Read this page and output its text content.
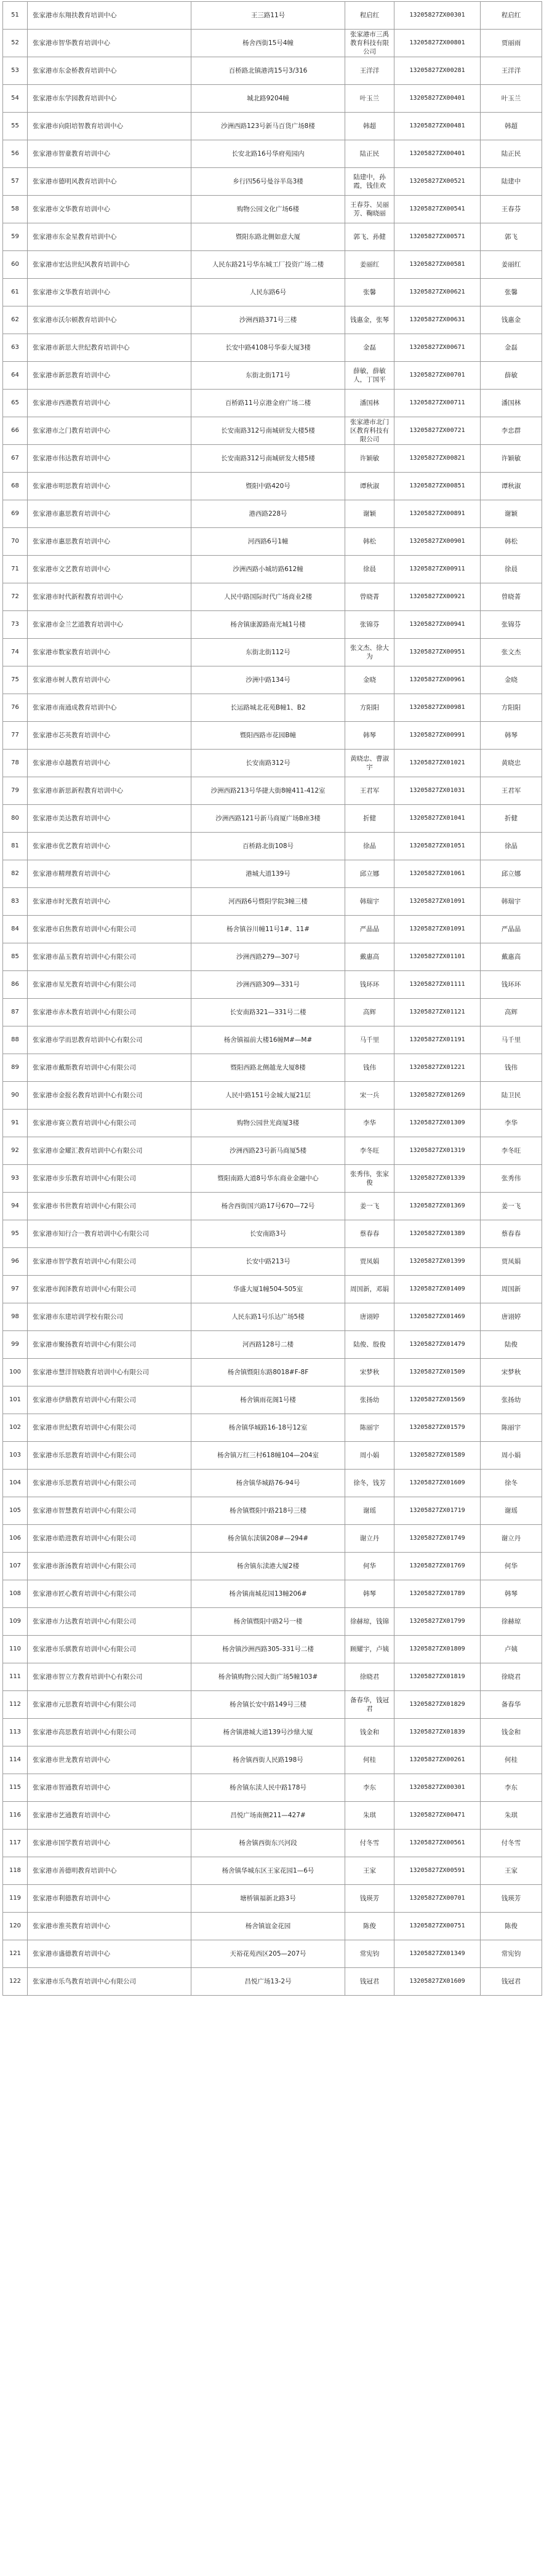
51	张家港市东翔扶教育培训中心	王三路11号	程启红	13205827ZX00301	程启红
52	张家港市智华教育培训中心	杨舍西街15号4幢	张家港市三禹教育科技有限公司	13205827ZX00801	贾丽雨
53	张家港市东金桥教育培训中心	百桥路北镇港湾15号3/316	王洋洋	13205827ZX00281	王洋洋
54	张家港市东学园教育培训中心	城北路9204幢	叶玉兰	13205827ZX00401	叶玉兰
55	张家港市向阳培智教育培训中心	沙洲西路123号新马百货广场8楼	韩超	13205827ZX00481	韩超
56	张家港市智童教育培训中心	长安北路16号华府苑园内	陆正民	13205827ZX00401	陆正民
57	张家港市德明风教育培训中心	乡行四56号曼谷半岛3楼	陆建中，孙霞，钱佳欢	13205827ZX00521	陆建中
58	张家港市文华教育培训中心	购物公园文化广场6楼	王春芬、吴丽芳、鞠晓丽	13205827ZX00541	王春芬
59	张家港市东金星教育培训中心	暨阳东路北侧如意大厦	郭飞、孙健	13205827ZX00571	郭飞
60	张家港市宏达世纪风教育培训中心	人民东路21号华东城工厂投资广场二楼	姜丽红	13205827ZX00581	姜丽红
61	张家港市文华教育培训中心	人民东路6号	张馨	13205827ZX00621	张馨
62	张家港市沃尔顿教育培训中心	沙洲西路371号三楼	钱惠金，张琴	13205827ZX00631	钱惠金
63	张家港市新思大世纪教育培训中心	长安中路4108号华泰大厦3楼	金磊	13205827ZX00671	金磊
64	张家港市新思教育培训中心	东街北街171号	薛敏，薛敏人，丁国平	13205827ZX00701	薛敏
65	张家港市西港教育培训中心	百桥路11号京港金府广场二楼	潘国林	13205827ZX00711	潘国林
66	张家港市之门教育培训中心	长安南路312号南城研发大楼5楼	张家港市北门区教育科技有限公司	13205827ZX00721	李忠群
67	张家港市伟达教育培训中心	长安南路312号南城研发大楼5楼	许颖敏	13205827ZX00821	许颖敏
68	张家港市明思教育培训中心	暨阳中路420号	谭秋淑	13205827ZX00851	谭秋淑
69	张家港市惠思教育培训中心	港西路228号	谢颖	13205827ZX00891	谢颖
70	张家港市惠思教育培训中心	河西路6号1幢	韩松	13205827ZX00901	韩松
71	张家港市文艺教育培训中心	沙洲西路小城坊路612幢	徐晨	13205827ZX00911	徐晨
72	张家港市时代新程教育培训中心	人民中路国际时代广场商业2楼	曾晓菁	13205827ZX00921	曾晓菁
73	张家港市金兰艺道教育培训中心	杨舍镇康源路南光城1号楼	张锦芬	13205827ZX00941	张锦芬
74	张家港市数家教育培训中心	东街北街112号	张文杰、徐大为	13205827ZX00951	张文杰
75	张家港市树人教育培训中心	沙洲中路134号	金晓	13205827ZX00961	金晓
76	张家港市南通成教育培训中心	长运路城北花苑B幢1、B2	方阳阳	13205827ZX00981	方阳阳
77	张家港市芯英教育培训中心	暨阳西路市花园B幢	韩琴	13205827ZX00991	韩琴
78	张家港市卓越教育培训中心	长安南路312号	黄晓忠、曹淑宇	13205827ZX01021	黄晓忠
79	张家港市新思新程教育培训中心	沙洲西路213号华捷大街8幢411-412室	王君军	13205827ZX01031	王君军
80	张家港市美达教育培训中心	沙洲西路121号新马商厦广场B座3楼	折健	13205827ZX01041	折健
81	张家港市优艺教育培训中心	百桥路北街108号	徐晶	13205827ZX01051	徐晶
82	张家港市精理教育培训中心	港城大道139号	邱立娜	13205827ZX01061	邱立娜
83	张家港市时光教育培训中心	河西路6号暨阳学院3幢三楼	韩瑞宇	13205827ZX01091	韩瑞宇
84	张家港市启焦教育培训中心有限公司	杨舍镇谷川幢11号1#、11#	严晶晶	13205827ZX01091	严晶晶
85	张家港市晶玉教育培训中心有限公司	沙洲西路279—307号	戴惠高	13205827ZX01101	戴惠高
86	张家港市星光教育培训中心有限公司	沙洲西路309—331号	钱环环	13205827ZX01111	钱环环
87	张家港市赤木教育培训中心有限公司	长安南路321—331号二楼	高辉	13205827ZX01121	高辉
88	张家港市学而思教育培训中心有限公司	杨舍镇福前大楼16幢M#—M#	马千里	13205827ZX01191	马千里
89	张家港市戴斯教育培训中心有限公司	暨阳西路北侧越龙大厦8楼	钱伟	13205827ZX01221	钱伟
90	张家港市金报名教育培训中心有限公司	人民中路151号金城大厦21层	宋一兵	13205827ZX01269	陆卫民
91	张家港市赛立教育培训中心有限公司	购物公园世光商厦3楼	李华	13205827ZX01309	李华
92	张家港市金耀汇教育培训中心有限公司	沙洲西路23号新马商厦5楼	李冬旺	13205827ZX01319	李冬旺
93	张家港市步乐教育培训中心有限公司	暨阳南路大道8号华东商业金融中心	张秀伟，张家俊	13205827ZX01339	张秀伟
94	张家港市书世教育培训中心有限公司	杨舍西街国兴路17号670—72号	姜一飞	13205827ZX01369	姜一飞
95	张家港市知行合一教育培训中心有限公司	长安南路3号	蔡春春	13205827ZX01389	蔡春春
96	张家港市智学教育培训中心有限公司	长安中路213号	贾凤娟	13205827ZX01399	贾凤娟
97	张家港市润泽教育培训中心有限公司	华盛大厦1幢504-505室	周国新，邓娟	13205827ZX01409	周国新
98	张家港市东建培训学校有限公司	人民东路1号乐达广场5楼	唐诩婷	13205827ZX01469	唐诩婷
99	张家港市聚扬教育培训中心有限公司	河西路128号二楼	陆俊、殷俊	13205827ZX01479	陆俊
100	张家港市慧洋智晓教育培训中心有限公司	杨舍镇暨阳东路8018#F-8F	宋梦秋	13205827ZX01509	宋梦秋
101	张家港市伊鼎教育培训中心有限公司	杨舍镇雨花阁1号楼	张扬幼	13205827ZX01569	张扬幼
102	张家港市世纪教育培训中心有限公司	杨舍镇华城路16-18号12室	陈丽宇	13205827ZX01579	陈丽宇
103	张家港市乐思教育培训中心有限公司	杨舍镇万红三村618幢104—204室	周小娟	13205827ZX01589	周小娟
104	张家港市乐思教育培训中心有限公司	杨舍镇华城路76-94号	徐冬，钱芳	13205827ZX01609	徐冬
105	张家港市智慧教育培训中心有限公司	杨舍镇暨阳中路218号三楼	谢瑶	13205827ZX01719	谢瑶
106	张家港市皓进教育培训中心有限公司	杨舍镇东渎镇208#—294#	谢立丹	13205827ZX01749	谢立丹
107	张家港市浙汤教育培训中心有限公司	杨舍镇东渎港大厦2楼	何华	13205827ZX01769	何华
108	张家港市匠心教育培训中心有限公司	杨舍镇南城花园13幢206#	韩琴	13205827ZX01789	韩琴
109	张家港市力达教育培训中心有限公司	杨舍镇暨阳中路2号一楼	徐赫琼，钱锦	13205827ZX01799	徐赫琼
110	张家港市乐骐教育培训中心有限公司	杨舍镇沙洲西路305-331号二楼	顾耀宇，卢姨	13205827ZX01809	卢姨
111	张家港市智立方教育培训中心有限公司	杨舍镇购物公园大街广场5幢103#	徐晓君	13205827ZX01819	徐晓君
112	张家港市元思教育培训中心有限公司	杨舍镇长安中路149号三楼	备春华，钱冠君	13205827ZX01829	备春华
113	张家港市高思教育培训中心有限公司	杨舍镇港城大道139号沙鼎大厦	钱金和	13205827ZX01839	钱金和
114	张家港市世龙教育培训中心	杨舍镇西街人民路198号	何桂	13205827ZX00261	何桂
115	张家港市智通教育培训中心	杨舍镇东渎人民中路178号	李东	13205827ZX00301	李东
116	张家港市艺通教育培训中心	昌悦广场南侧211—427#	朱琪	13205827ZX00471	朱琪
117	张家港市国学教育培训中心	杨舍镇西街东兴河段	付冬雪	13205827ZX00561	付冬雪
118	张家港市善德明教育培训中心	杨舍镇华城东区王家花园1—6号	王家	13205827ZX00591	王家
119	张家港市利德教育培训中心	塘桥镇福新北路3号	钱瑛芳	13205827ZX00701	钱瑛芳
120	张家港市淮英教育培训中心	杨舍镇谊金花园	陈俊	13205827ZX00751	陈俊
121	张家港市盛德教育培训中心	天裕花苑西区205—207号	常宪钧	13205827ZX01349	常宪钧
122	张家港市乐鸟教育培训中心有限公司	昌悦广场13-2号	钱冠君	13205827ZX01609	钱冠君
